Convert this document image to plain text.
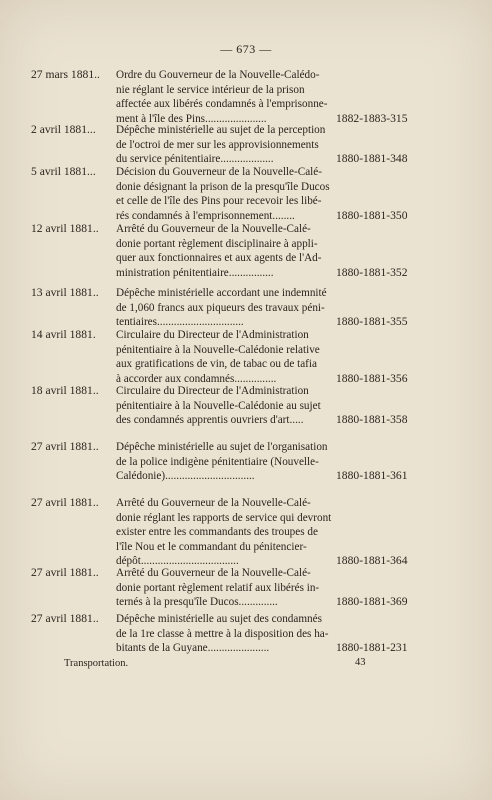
— 673 —
27 mars 1881.. Ordre du Gouverneur de la Nouvelle-Calédo-
nie réglant le service intérieur de la prison
affectée aux libérés condamnés à l'emprisonne-
ment à l'île des Pins......................	1882-1883-315
2 avril 1881... Dépêche ministérielle au sujet de la perception
de l'octroi de mer sur les approvisionnements
du service pénitentiaire...................	1880-1881-348
5 avril 1881... Décision du Gouverneur de la Nouvelle-Calé-
donie désignant la prison de la presqu'île Ducos
et celle de l'île des Pins pour recevoir les libé-
rés condamnés à l'emprisonnement........	1880-1881-350
12 avril 1881.. Arrêté du Gouverneur de la Nouvelle-Calé-
donie portant règlement disciplinaire à appli-
quer aux fonctionnaires et aux agents de l'Ad-
ministration pénitentiaire................	1880-1881-352
13 avril 1881.. Dépêche ministérielle accordant une indemnité
de 1,060 francs aux piqueurs des travaux péni-
tentiaires...............................	1880-1881-355
14 avril 1881. Circulaire du Directeur de l'Administration
pénitentiaire à la Nouvelle-Calédonie relative
aux gratifications de vin, de tabac ou de tafia
à accorder aux condamnés...............	1880-1881-356
18 avril 1881.. Circulaire du Directeur de l'Administration
pénitentiaire à la Nouvelle-Calédonie au sujet
des condamnés apprentis ouvriers d'art.....	1880-1881-358
27 avril 1881.. Dépêche ministérielle au sujet de l'organisation
de la police indigène pénitentiaire (Nouvelle-
Calédonie)................................	1880-1881-361
27 avril 1881.. Arrêté du Gouverneur de la Nouvelle-Calé-
donie réglant les rapports de service qui devront
exister entre les commandants des troupes de
l'île Nou et le commandant du pénitencier-
dépôt...................................	1880-1881-364
27 avril 1881.. Arrêté du Gouverneur de la Nouvelle-Calé-
donie portant règlement relatif aux libérés in-
ternés à la presqu'île Ducos..............	1880-1881-369
27 avril 1881.. Dépêche ministérielle au sujet des condamnés
de la 1re classe à mettre à la disposition des ha-
bitants de la Guyane......................	1880-1881-231
Transportation.	43
